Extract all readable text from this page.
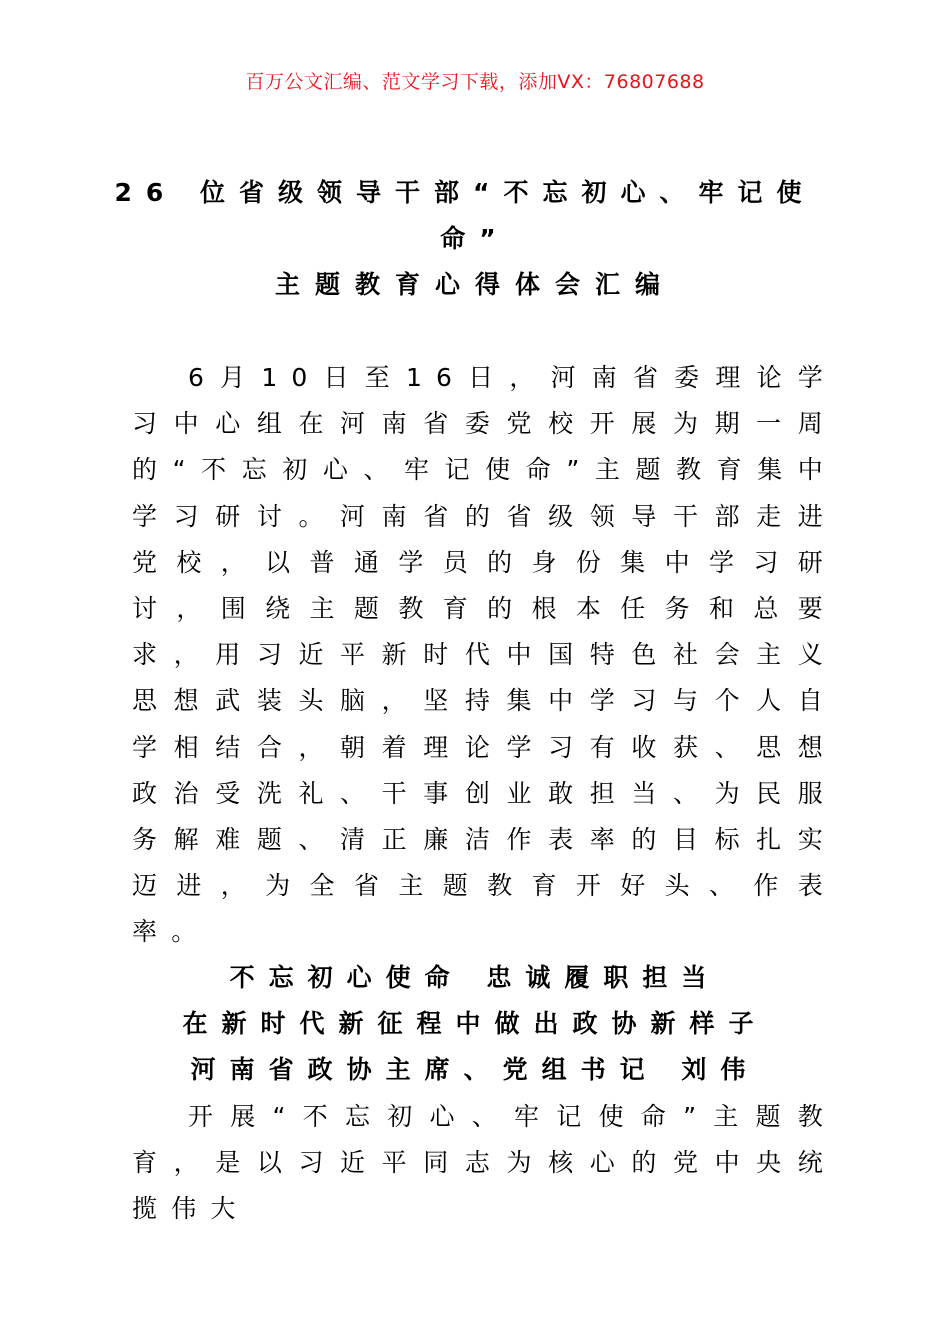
百万公文汇编、范文学习下载，添加VX：76807688
26 位省级领导干部“不忘初心、牢记使
命”
主题教育心得体会汇编

6月10日至16日，河南省委理论学习中心组在河南省委党校开展为期一周的“不忘初心、牢记使命”主题教育集中学习研讨。河南省的省级领导干部走进党校，以普通学员的身份集中学习研讨，围绕主题教育的根本任务和总要求，用习近平新时代中国特色社会主义思想武装头脑，坚持集中学习与个人自学相结合，朝着理论学习有收获、思想政治受洗礼、干事创业敢担当、为民服务解难题、清正廉洁作表率的目标扎实迈进，为全省主题教育开好头、作表率。

不忘初心使命 忠诚履职担当
在新时代新征程中做出政协新样子
河南省政协主席、党组书记 刘伟

开展“不忘初心、牢记使命”主题教育，是以习近平同志为核心的党中央统揽伟大
